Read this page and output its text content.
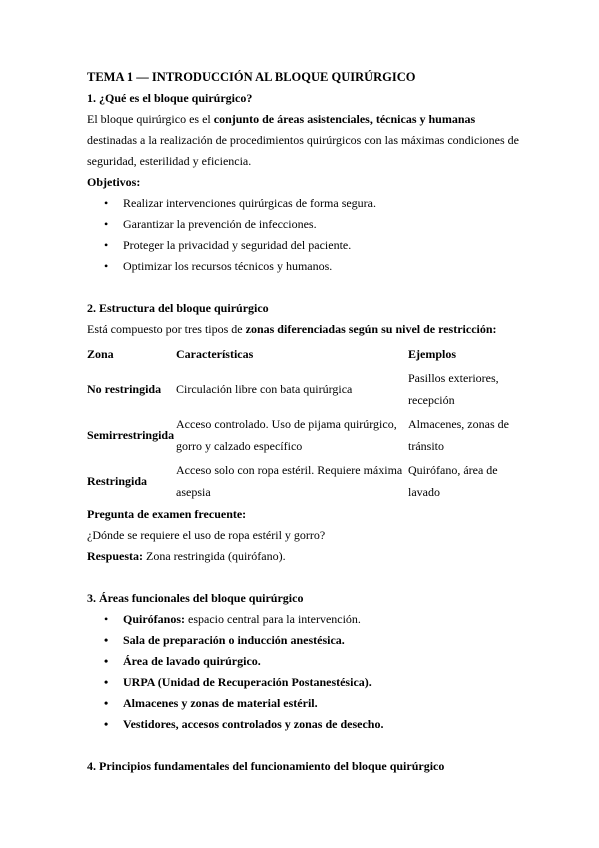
TEMA 1 — INTRODUCCIÓN AL BLOQUE QUIRÚRGICO

1. ¿Qué es el bloque quirúrgico?

El bloque quirúrgico es el conjunto de áreas asistenciales, técnicas y humanas destinadas a la realización de procedimientos quirúrgicos con las máximas condiciones de seguridad, esterilidad y eficiencia.

Objetivos:

• Realizar intervenciones quirúrgicas de forma segura.
• Garantizar la prevención de infecciones.
• Proteger la privacidad y seguridad del paciente.
• Optimizar los recursos técnicos y humanos.

2. Estructura del bloque quirúrgico

Está compuesto por tres tipos de zonas diferenciadas según su nivel de restricción:

Zona	Características	Ejemplos
No restringida	Circulación libre con bata quirúrgica	Pasillos exteriores, recepción
Semirrestringida	Acceso controlado. Uso de pijama quirúrgico, gorro y calzado específico	Almacenes, zonas de tránsito
Restringida	Acceso solo con ropa estéril. Requiere máxima asepsia	Quirófano, área de lavado

Pregunta de examen frecuente:

¿Dónde se requiere el uso de ropa estéril y gorro?

Respuesta: Zona restringida (quirófano).

3. Áreas funcionales del bloque quirúrgico

• Quirófanos: espacio central para la intervención.
• Sala de preparación o inducción anestésica.
• Área de lavado quirúrgico.
• URPA (Unidad de Recuperación Postanestésica).
• Almacenes y zonas de material estéril.
• Vestidores, accesos controlados y zonas de desecho.

4. Principios fundamentales del funcionamiento del bloque quirúrgico
